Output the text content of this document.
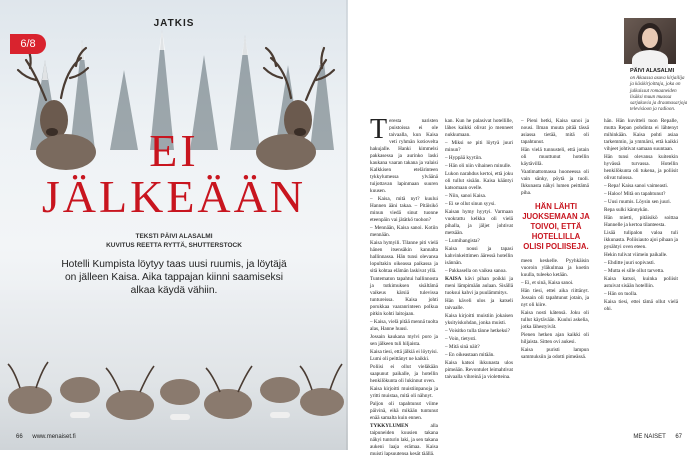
6/8
JATKIS
EI
JÄLKEÄÄN
TEKSTI PÄIVI ALASALMI
KUVITUS REETTA RYTTÄ, SHUTTERSTOCK
Hotelli Kumpista löytyy taas uusi ruumis, ja löytäjä on jälleen Kaisa. Aika tappajan kiinni saamiseksi alkaa käydä vähiin.
66 www.menaiset.fi
PÄIVI ALASALMI
on Akaassa asuva kirjailija ja käsikirjoittaja, joka on julkaissut romaaneiden lisäksi muun muassa sarjakuvia ja draamasarjoja televisioon ja radioon.

Teresta naristen puistoissa ei ole taivaalla, kun Kaisa veti ryhmän kotiovelta hakujalle. Hanki kimmelsi pakkasessa ja aurinko laski kaukana vaaran takana ja valaisi Kalkkisen etelärinteen tykkylumessa ylväänä tuijottavan lapinmaan suuren kuusen.

– Kaisa, mitä nyt? kuului Hannen ääni takaa. – Pitäisikö minun viedä sinut tuonne eteenpäin vai jätätkö tuohon?

– Mennään, Kaisa sanoi. Kotiin mennään.

Kaisa hymyili. Tilanne piti vielä hänen itsensäkin kannalta hallinnassa. Hän tunsi olevansa lopultakin oikeassa paikassa ja sitä kohtaa elämän laskivat yllä.

Tuntematon tapahtui hallinnosta ja tutkimuksen sisältämä vaikeus kärsiä tulevissa tuntureissa. Kaisa johti porukkaa vaaranrinteen polkua pitkin kohti laitojaan.

– Kaisa, vielä pitää mennä tuolta alas, Hanne huusi.

Jossain kaukana mylvi poro ja sen jälkeen tuli hiljaista.

Kaisa tiesi, että jälkiä ei löytyisi. Lumi oli peittänyt ne kaikki.

Poliisi ei ollut vieläkään saapunut paikalle, ja hotellin henkilökunta oli lukinnut oven.

Kaisa kirjoitti muistiinpanoja ja yritti muistaa, mitä oli nähnyt.

Paljon oli tapahtunut viime päivinä, eikä mikään tuntunut enää samalta kuin ennen.

TYKKYLUMEN	alla taipuneiden kuusien takana näkyi tunturin laki, ja sen takana aukeni laaja erämaa. Kaisa muisti lapsuutensa kesät täällä.

kan. Kun he palasivat hotellille, lähes kaikki olivat jo menneet nukkumaan.

– Miksi se piti löytyä juuri minun?

– Hyppää kyytiin.

– Hän oli niin vihainen minulle.

Lukon narahdus kertoi, että joku oli tullut sisään. Kaisa kääntyi katsomaan ovelle.

– Niin, sanoi Kaisa.

– Ei se ollut sinun syysi.

Kaisan hymy hyytyi. Varmaan vuokrattu kelkka oli vielä pihalla, ja jäljet johtivat metsään.

– Lumihangista?

Kaisa nousi ja tapasi kahvinkeittimen ääressä hotellin isännän.

– Pakkasella on vaikea sanoa.

KAISA kävi pihan poikki ja meni lämpimään aulaan. Sisällä tuoksui kahvi ja puulämmitys.

Hän käveli ulos ja katseli taivaalle.

Kaisa kirjoitti muistiin jokaisen yksityiskohdan, jonka muisti.

– Voisitko tulla tänne hetkeksi?

– Voin, tietysti.

– Mitä sinä näit?

– En oikeastaan mitään.

Kaisa katsoi ikkunasta ulos pimeään. Revontulet leimahtivat taivaalla vihreinä ja violetteina.

– Pieni hetki, Kaisa sanoi ja nousi. Ilman muuta pitää tässä asiassa tietää, mitä oli tapahtunut.

Hän vielä tunnusteli, että jotain oli muuttunut hotellin käytävillä.

Vaatimattomassa huoneessa oli vain sänky, pöytä ja tuoli. Ikkunasta näkyi lumen peittämä piha.

HÄN LÄHTI JUOKSEMAAN JA TOIVOI, ETTÄ HOTELLILLA OLISI POLIISEJA.

meen keskelle. Pyyhkäisin vuoroin yläkulmaa ja koetin kuulla, tuleeko ketään.

– Ei, et sinä, Kaisa sanoi.

Hän tiesi, ettei aika riittänyt. Jossain oli tapahtunut jotain, ja nyt oli kiire.

Kaisa nosti kätensä. Joku oli tullut käytävään. Kuului askelia, jotka lähestyivät.

Pienen hetken ajan kaikki oli hiljaista. Sitten ovi aukesi.

Kaisa puristi lampun sammuksiin ja odotti pimeässä.

hän. Hän kuvitteli tuon Repalle, mutta Repan pohdinta ei lähtenyt mihinkään. Kaisa pohti asiaa tarkemmin, ja ymmärsi, että kaikki vihjeet johtivat samaan suuntaan.

Hän tunsi olevansa kuitenkin hyvässä turvassa. Hotellin henkilökunta oli tukena, ja poliisit olivat tulossa.

– Repa! Kaisa sanoi vaimeasti.

– Haloo! Mitä on tapahtunut?

– Uusi ruumis. Löysin sen juuri.

Repa sulki kännykän.

Hän mietti, pitäisikö soittaa Hannelle ja kertoa tilanteesta.

Lisää tulipalon valoa tuli ikkunasta. Poliisiauto ajoi pihaan ja pysähtyi oven eteen.

Hekin tulivat viimein paikalle.

– Ehditte juuri sopivasti.

– Mutta ei sille ollut tarvetta.

Kaisa katsoi, kuinka poliisit astuivat sisään hotelliin.

– Hän on tuolla.

Kaisa tiesi, ettei tämä ollut vielä ohi.

ME NAISET 67
